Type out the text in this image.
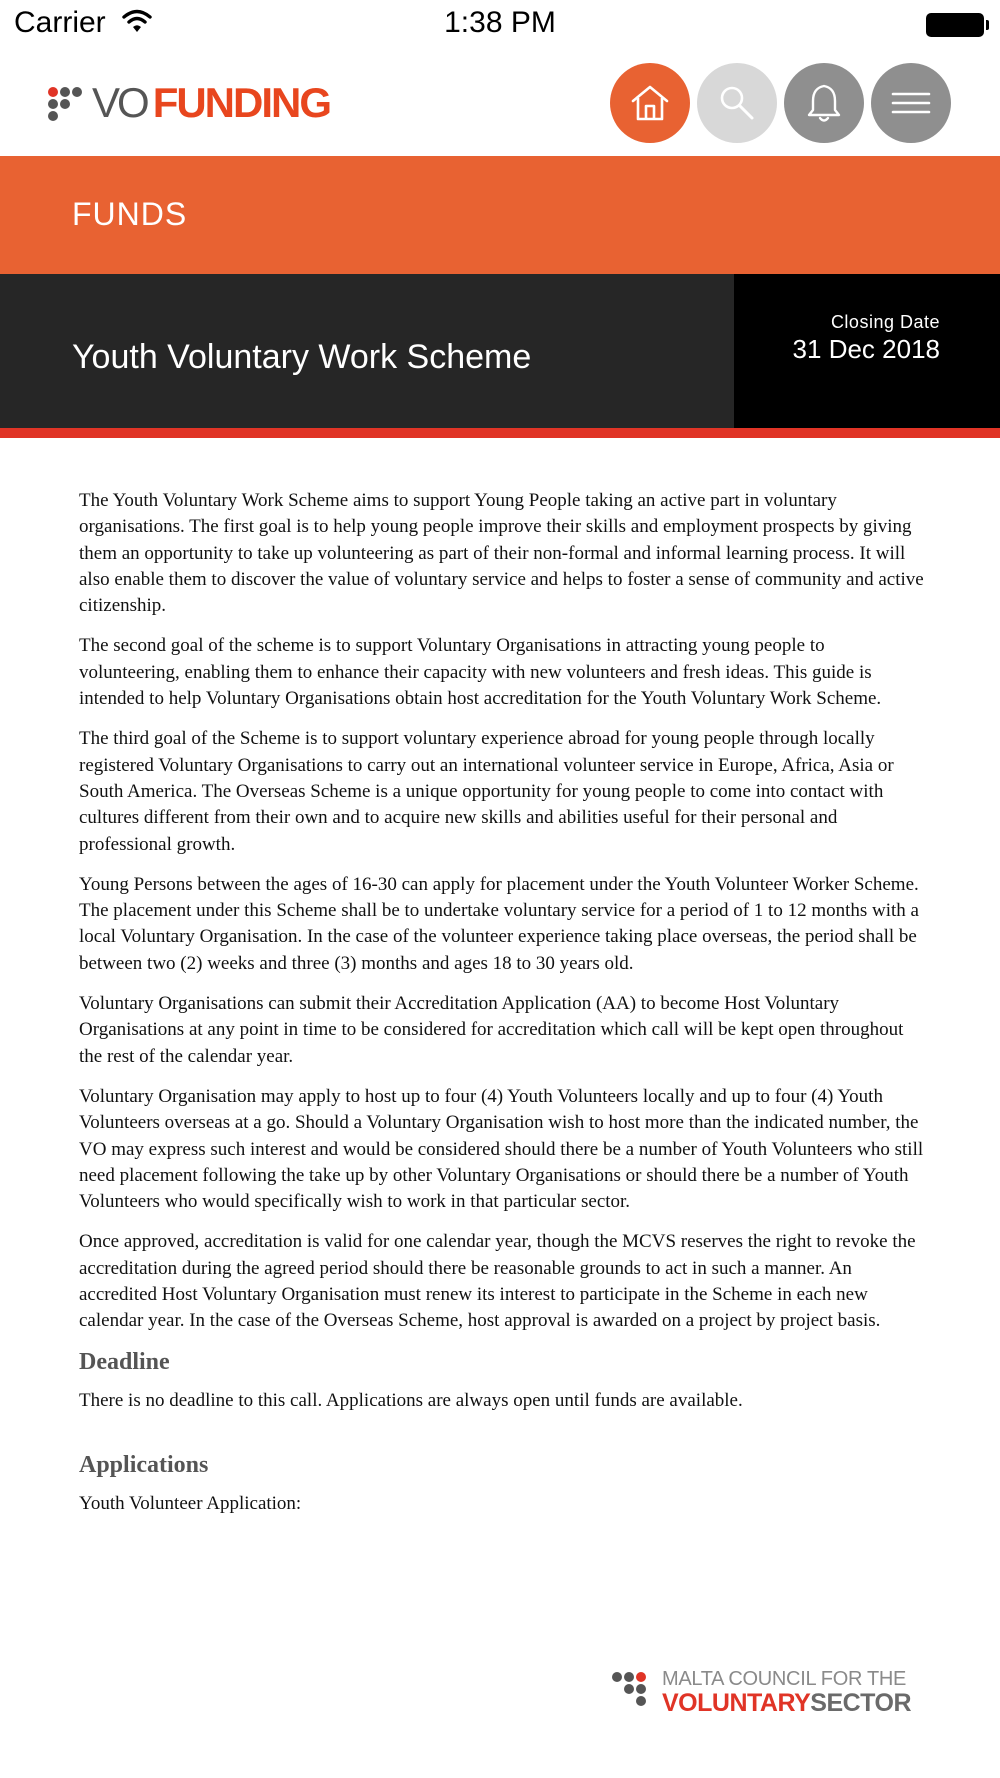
Carrier	1:38 PM
VO FUNDING
FUNDS
Youth Voluntary Work Scheme
Closing Date
31 Dec 2018

The Youth Voluntary Work Scheme aims to support Young People taking an active part in voluntary organisations. The first goal is to help young people improve their skills and employment prospects by giving them an opportunity to take up volunteering as part of their non-formal and informal learning process. It will also enable them to discover the value of voluntary service and helps to foster a sense of community and active citizenship.

The second goal of the scheme is to support Voluntary Organisations in attracting young people to volunteering, enabling them to enhance their capacity with new volunteers and fresh ideas. This guide is intended to help Voluntary Organisations obtain host accreditation for the Youth Voluntary Work Scheme.

The third goal of the Scheme is to support voluntary experience abroad for young people through locally registered Voluntary Organisations to carry out an international volunteer service in Europe, Africa, Asia or South America. The Overseas Scheme is a unique opportunity for young people to come into contact with cultures different from their own and to acquire new skills and abilities useful for their personal and professional growth.

Young Persons between the ages of 16-30 can apply for placement under the Youth Volunteer Worker Scheme. The placement under this Scheme shall be to undertake voluntary service for a period of 1 to 12 months with a local Voluntary Organisation. In the case of the volunteer experience taking place overseas, the period shall be between two (2) weeks and three (3) months and ages 18 to 30 years old.

Voluntary Organisations can submit their Accreditation Application (AA) to become Host Voluntary Organisations at any point in time to be considered for accreditation which call will be kept open throughout the rest of the calendar year.

Voluntary Organisation may apply to host up to four (4) Youth Volunteers locally and up to four (4) Youth Volunteers overseas at a go. Should a Voluntary Organisation wish to host more than the indicated number, the VO may express such interest and would be considered should there be a number of Youth Volunteers who still need placement following the take up by other Voluntary Organisations or should there be a number of Youth Volunteers who would specifically wish to work in that particular sector.

Once approved, accreditation is valid for one calendar year, though the MCVS reserves the right to revoke the accreditation during the agreed period should there be reasonable grounds to act in such a manner. An accredited Host Voluntary Organisation must renew its interest to participate in the Scheme in each new calendar year. In the case of the Overseas Scheme, host approval is awarded on a project by project basis.

Deadline

There is no deadline to this call. Applications are always open until funds are available.

Applications

Youth Volunteer Application:

MALTA COUNCIL FOR THE
VOLUNTARYSECTOR
